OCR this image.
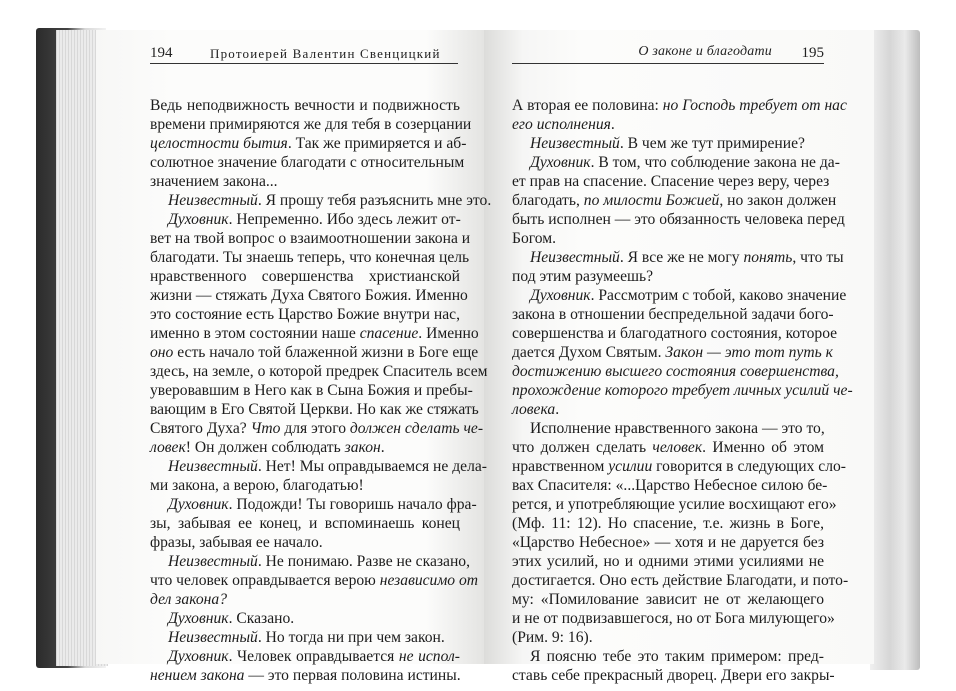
194	Протоиерей Валентин Свенцицкий	О законе и благодати 195
Ведь неподвижность вечности и подвижность
времени примиряются же для тебя в созерцании
целостности бытия. Так же примиряется и аб-
солютное значение благодати с относительным
значением закона...
Неизвестный. Я прошу тебя разъяснить мне это.
Духовник. Непременно. Ибо здесь лежит от-
вет на твой вопрос о взаимоотношении закона и
благодати. Ты знаешь теперь, что конечная цель
нравственного совершенства христианской
жизни — стяжать Духа Святого Божия. Именно
это состояние есть Царство Божие внутри нас,
именно в этом состоянии наше спасение. Именно
оно есть начало той блаженной жизни в Боге еще
здесь, на земле, о которой предрек Спаситель всем
уверовавшим в Него как в Сына Божия и пребы-
вающим в Его Святой Церкви. Но как же стяжать
Святого Духа? Что для этого должен сделать че-
ловек! Он должен соблюдать закон.
Неизвестный. Нет! Мы оправдываемся не дела-
ми закона, а верою, благодатью!
Духовник. Подожди! Ты говоришь начало фра-
зы, забывая ее конец, и вспоминаешь конец
фразы, забывая ее начало.
Неизвестный. Не понимаю. Разве не сказано,
что человек оправдывается верою независимо от
дел закона?
Духовник. Сказано.
Неизвестный. Но тогда ни при чем закон.
Духовник. Человек оправдывается не испол-
нением закона — это первая половина истины.
А вторая ее половина: но Господь требует от нас
его исполнения.
Неизвестный. В чем же тут примирение?
Духовник. В том, что соблюдение закона не да-
ет прав на спасение. Спасение через веру, через
благодать, по милости Божией, но закон должен
быть исполнен — это обязанность человека перед
Богом.
Неизвестный. Я все же не могу понять, что ты
под этим разумеешь?
Духовник. Рассмотрим с тобой, каково значение
закона в отношении беспредельной задачи бого-
совершенства и благодатного состояния, которое
дается Духом Святым. Закон — это тот путь к
достижению высшего состояния совершенства,
прохождение которого требует личных усилий че-
ловека.
Исполнение нравственного закона — это то,
что должен сделать человек. Именно об этом
нравственном усилии говорится в следующих сло-
вах Спасителя: «...Царство Небесное силою бе-
рется, и употребляющие усилие восхищают его»
(Мф. 11: 12). Но спасение, т.е. жизнь в Боге,
«Царство Небесное» — хотя и не даруется без
этих усилий, но и одними этими усилиями не
достигается. Оно есть действие Благодати, и пото-
му: «Помилование зависит не от желающего
и не от подвизавшегося, но от Бога милующего»
(Рим. 9: 16).
Я поясню тебе это таким примером: пред-
ставь себе прекрасный дворец. Двери его закры-
